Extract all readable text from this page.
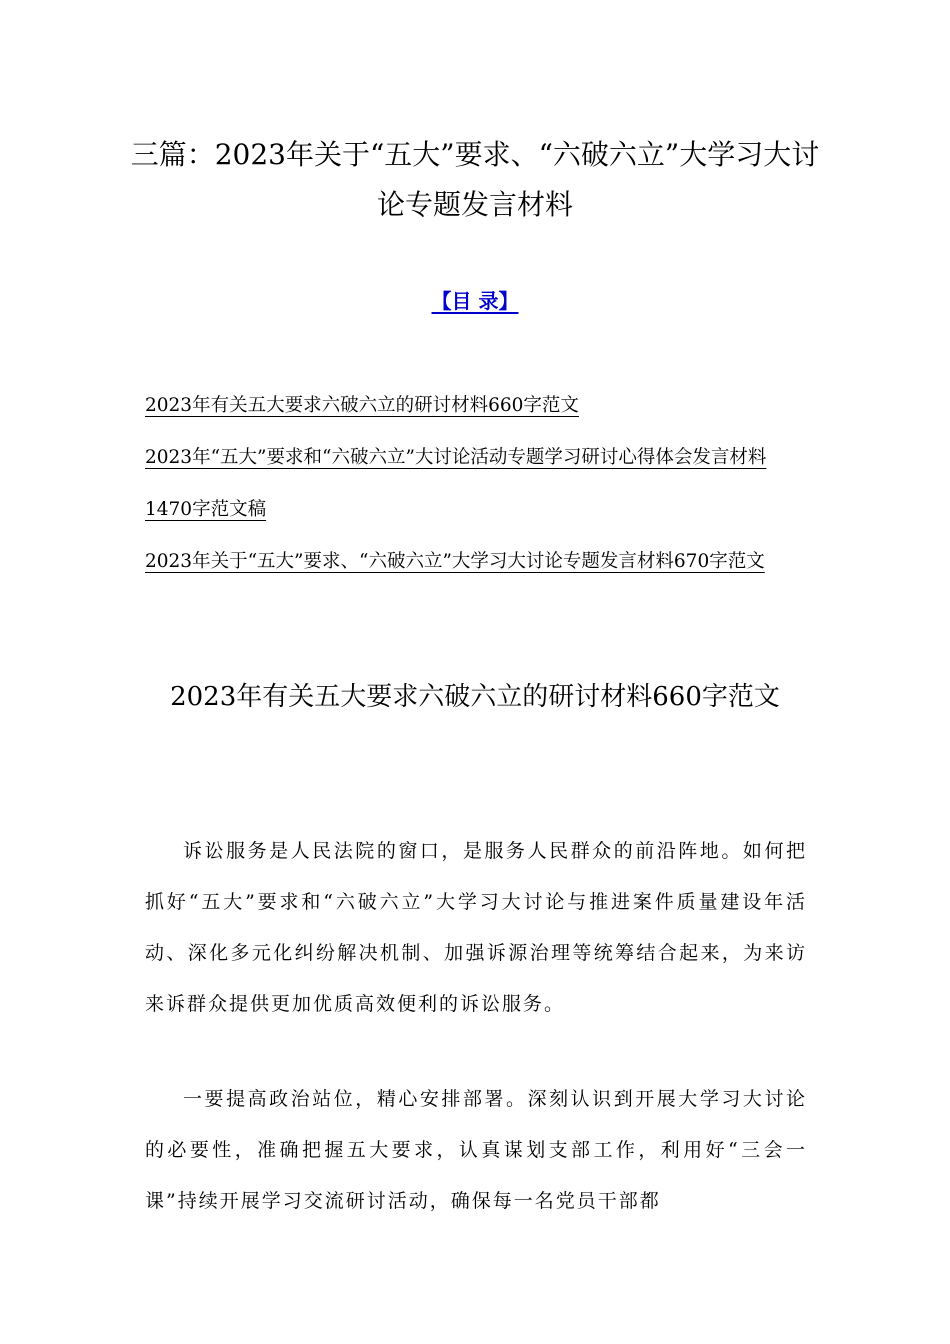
三篇：2023年关于“五大”要求、“六破六立”大学习大讨论专题发言材料
【目 录】
2023年有关五大要求六破六立的研讨材料660字范文
2023年“五大”要求和“六破六立”大讨论活动专题学习研讨心得体会发言材料1470字范文稿
2023年关于“五大”要求、“六破六立”大学习大讨论专题发言材料670字范文
2023年有关五大要求六破六立的研讨材料660字范文

诉讼服务是人民法院的窗口，是服务人民群众的前沿阵地。如何把抓好“五大”要求和“六破六立”大学习大讨论与推进案件质量建设年活动、深化多元化纠纷解决机制、加强诉源治理等统筹结合起来，为来访来诉群众提供更加优质高效便利的诉讼服务。

一要提高政治站位，精心安排部署。深刻认识到开展大学习大讨论的必要性，准确把握五大要求，认真谋划支部工作，利用好“三会一课”持续开展学习交流研讨活动，确保每一名党员干部都
